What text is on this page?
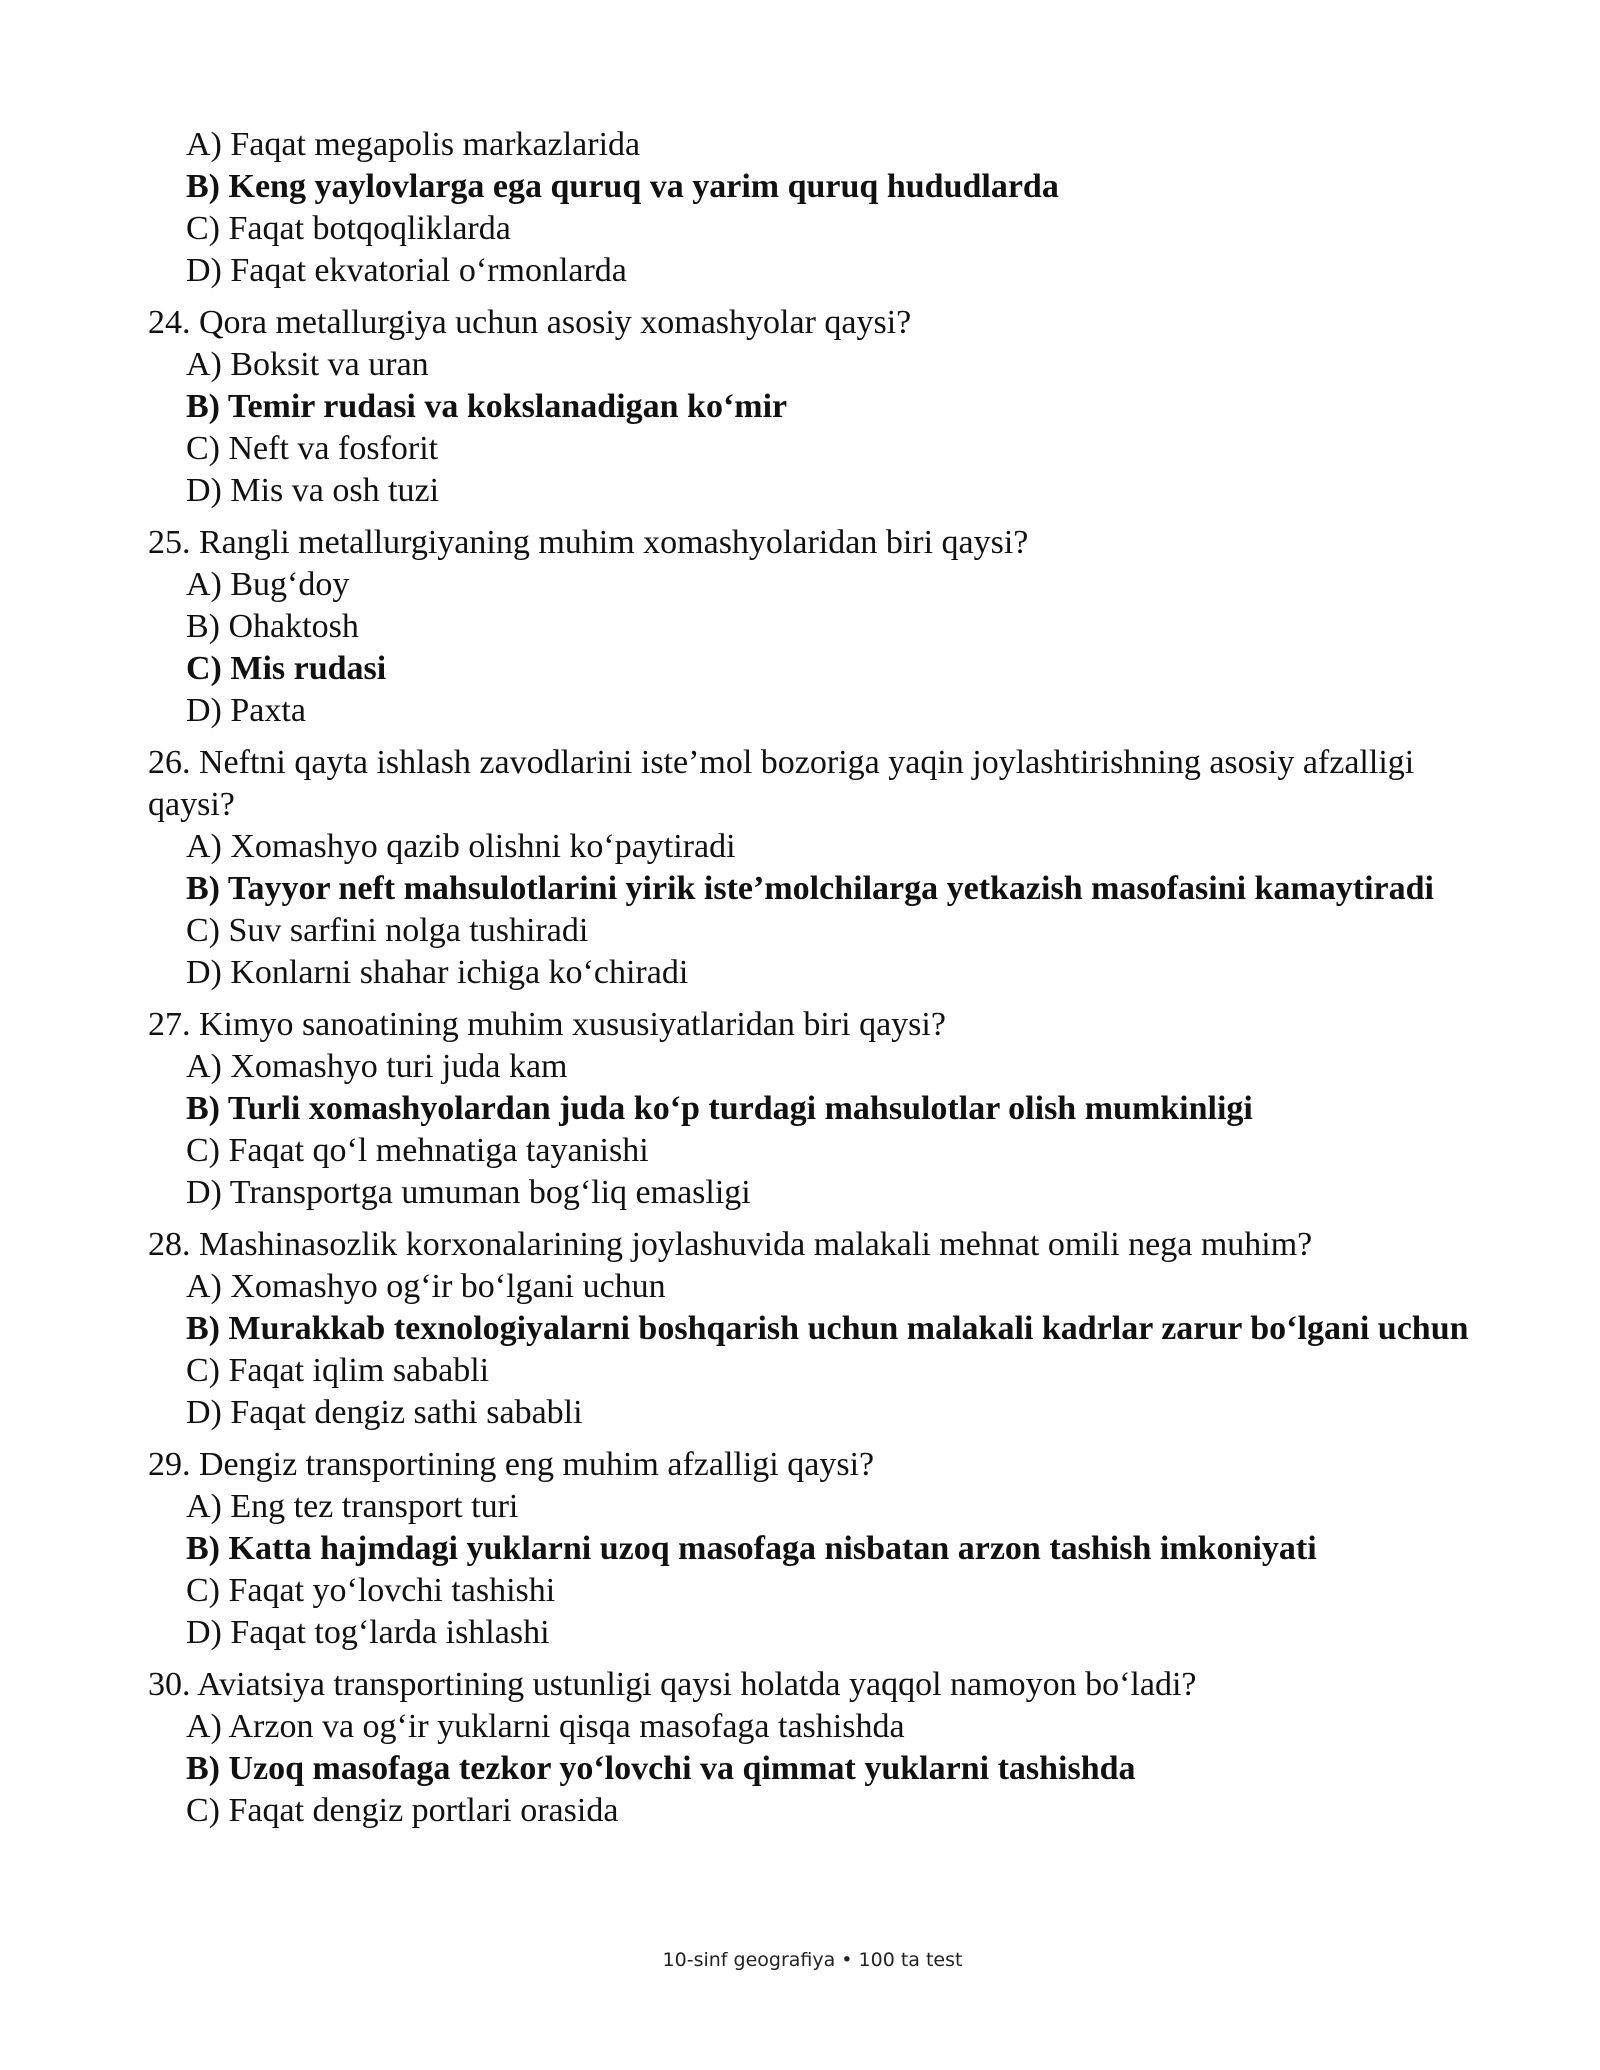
A) Faqat megapolis markazlarida

B) Keng yaylovlarga ega quruq va yarim quruq hududlarda

C) Faqat botqoqliklarda

D) Faqat ekvatorial o‘rmonlarda

24. Qora metallurgiya uchun asosiy xomashyolar qaysi?

A) Boksit va uran

B) Temir rudasi va kokslanadigan ko‘mir

C) Neft va fosforit

D) Mis va osh tuzi

25. Rangli metallurgiyaning muhim xomashyolaridan biri qaysi?

A) Bug‘doy

B) Ohaktosh

C) Mis rudasi

D) Paxta

26. Neftni qayta ishlash zavodlarini iste’mol bozoriga yaqin joylashtirishning asosiy afzalligi qaysi?

A) Xomashyo qazib olishni ko‘paytiradi

B) Tayyor neft mahsulotlarini yirik iste’molchilarga yetkazish masofasini kamaytiradi

C) Suv sarfini nolga tushiradi

D) Konlarni shahar ichiga ko‘chiradi

27. Kimyo sanoatining muhim xususiyatlaridan biri qaysi?

A) Xomashyo turi juda kam

B) Turli xomashyolardan juda ko‘p turdagi mahsulotlar olish mumkinligi

C) Faqat qo‘l mehnatiga tayanishi

D) Transportga umuman bog‘liq emasligi

28. Mashinasozlik korxonalarining joylashuvida malakali mehnat omili nega muhim?

A) Xomashyo og‘ir bo‘lgani uchun

B) Murakkab texnologiyalarni boshqarish uchun malakali kadrlar zarur bo‘lgani uchun

C) Faqat iqlim sababli

D) Faqat dengiz sathi sababli

29. Dengiz transportining eng muhim afzalligi qaysi?

A) Eng tez transport turi

B) Katta hajmdagi yuklarni uzoq masofaga nisbatan arzon tashish imkoniyati

C) Faqat yo‘lovchi tashishi

D) Faqat tog‘larda ishlashi

30. Aviatsiya transportining ustunligi qaysi holatda yaqqol namoyon bo‘ladi?

A) Arzon va og‘ir yuklarni qisqa masofaga tashishda

B) Uzoq masofaga tezkor yo‘lovchi va qimmat yuklarni tashishda

C) Faqat dengiz portlari orasida

10-sinf geografiya • 100 ta test
